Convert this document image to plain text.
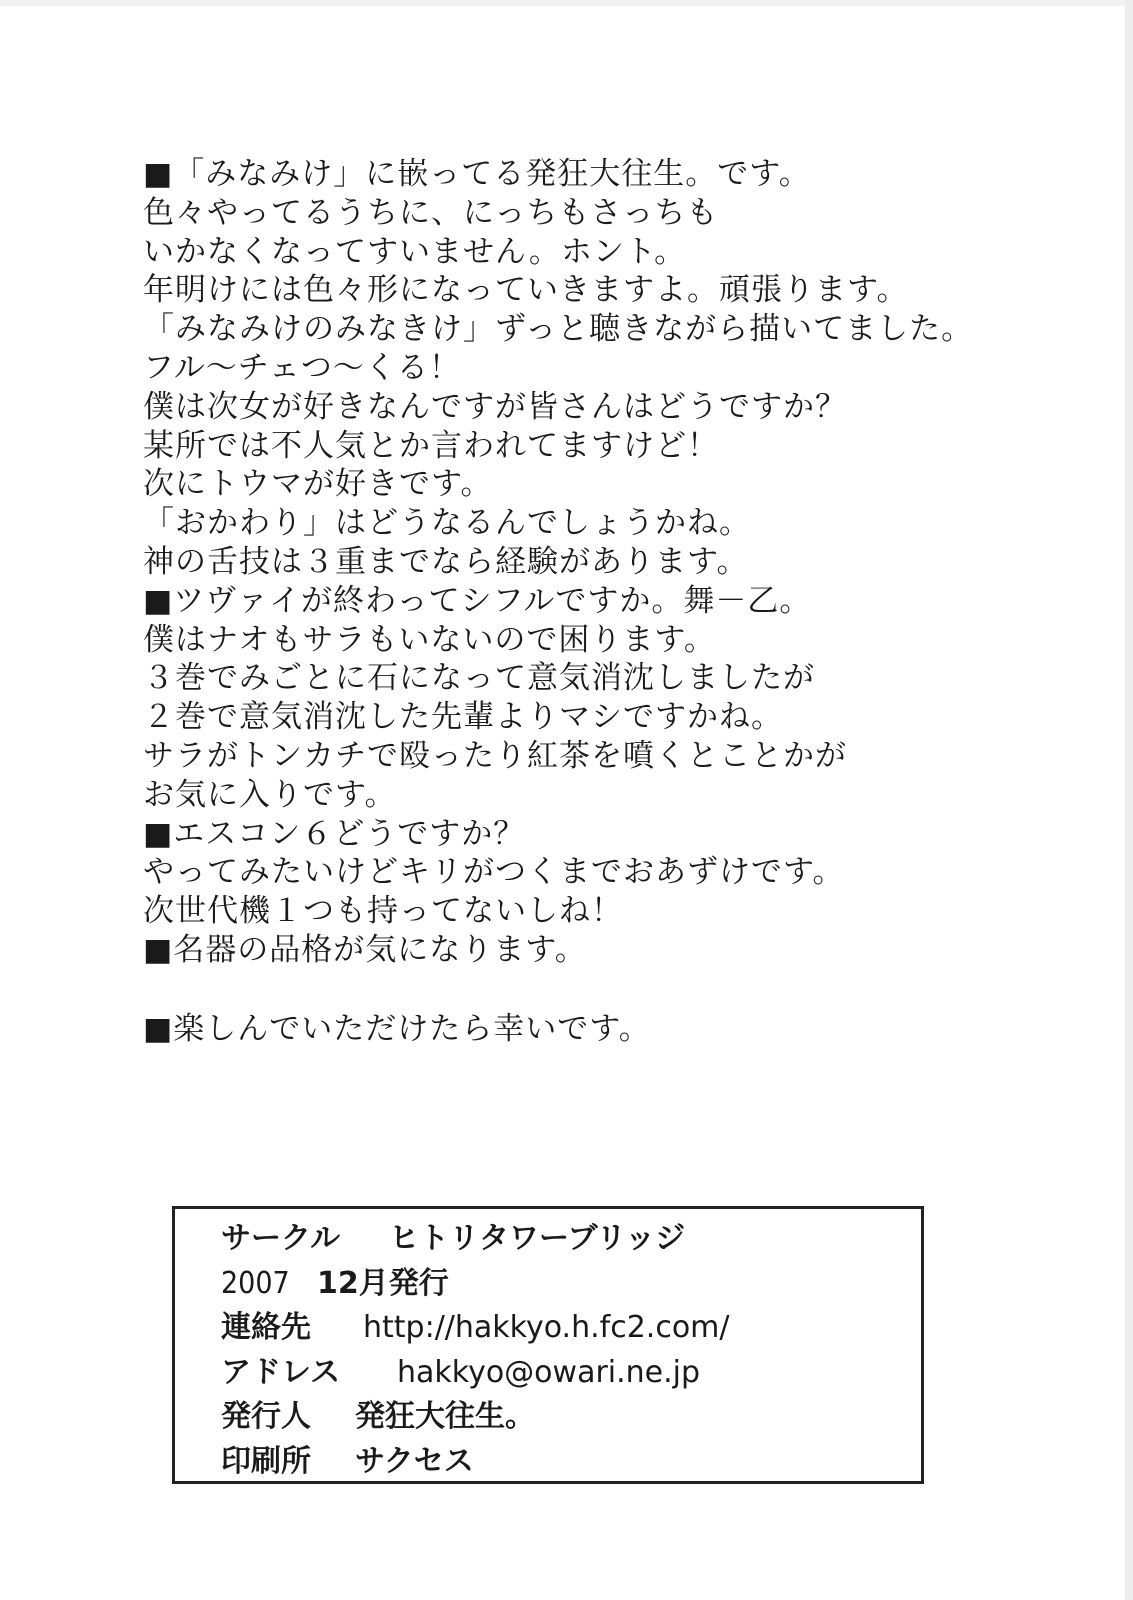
■「みなみけ」に嵌ってる発狂大往生。です。
色々やってるうちに、にっちもさっちも
いかなくなってすいません。ホント。
年明けには色々形になっていきますよ。頑張ります。
「みなみけのみなきけ」ずっと聴きながら描いてました。
フル～チェつ～くる！
僕は次女が好きなんですが皆さんはどうですか？
某所では不人気とか言われてますけど！
次にトウマが好きです。
「おかわり」はどうなるんでしょうかね。
神の舌技は３重までなら経験があります。
■ツヴァイが終わってシフルですか。舞－乙。
僕はナオもサラもいないので困ります。
３巻でみごとに石になって意気消沈しましたが
２巻で意気消沈した先輩よりマシですかね。
サラがトンカチで殴ったり紅茶を噴くとことかが
お気に入りです。
■エスコン６どうですか？
やってみたいけどキリがつくまでおあずけです。
次世代機１つも持ってないしね！
■名器の品格が気になります。
■楽しんでいただけたら幸いです。
サークル	ヒトリタワーブリッジ
2007 12月発行
連絡先	http://hakkyo.h.fc2.com/
アドレス	hakkyo@owari.ne.jp
発行人	発狂大往生。
印刷所	サクセス
